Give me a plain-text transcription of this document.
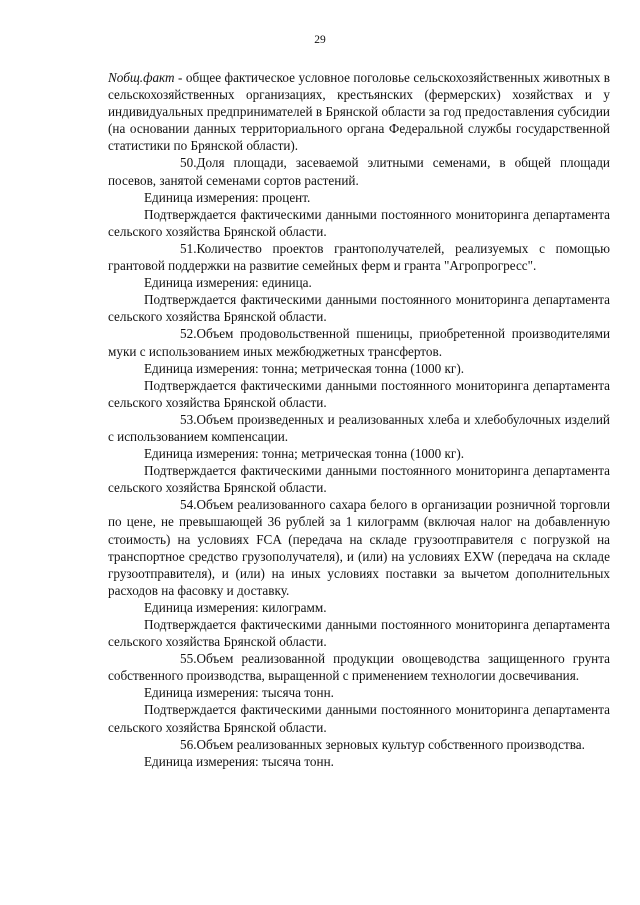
29

Nобщ.факт - общее фактическое условное поголовье сельскохозяйственных животных в сельскохозяйственных организациях, крестьянских (фермерских) хозяйствах и у индивидуальных предпринимателей в Брянской области за год предоставления субсидии (на основании данных территориального органа Федеральной службы государственной статистики по Брянской области).

50.Доля площади, засеваемой элитными семенами, в общей площади посевов, занятой семенами сортов растений.

Единица измерения: процент.

Подтверждается фактическими данными постоянного мониторинга департамента сельского хозяйства Брянской области.

51.Количество проектов грантополучателей, реализуемых с помощью грантовой поддержки на развитие семейных ферм и гранта "Агропрогресс".

Единица измерения: единица.

Подтверждается фактическими данными постоянного мониторинга департамента сельского хозяйства Брянской области.

52.Объем продовольственной пшеницы, приобретенной производителями муки с использованием иных межбюджетных трансфертов.

Единица измерения: тонна; метрическая тонна (1000 кг).

Подтверждается фактическими данными постоянного мониторинга департамента сельского хозяйства Брянской области.

53.Объем произведенных и реализованных хлеба и хлебобулочных изделий с использованием компенсации.

Единица измерения: тонна; метрическая тонна (1000 кг).

Подтверждается фактическими данными постоянного мониторинга департамента сельского хозяйства Брянской области.

54.Объем реализованного сахара белого в организации розничной торговли по цене, не превышающей 36 рублей за 1 килограмм (включая налог на добавленную стоимость) на условиях FCA (передача на складе грузоотправителя с погрузкой на транспортное средство грузополучателя), и (или) на условиях EXW (передача на складе грузоотправителя), и (или) на иных условиях поставки за вычетом дополнительных расходов на фасовку и доставку.

Единица измерения: килограмм.

Подтверждается фактическими данными постоянного мониторинга департамента сельского хозяйства Брянской области.

55.Объем реализованной продукции овощеводства защищенного грунта собственного производства, выращенной с применением технологии досвечивания.

Единица измерения: тысяча тонн.

Подтверждается фактическими данными постоянного мониторинга департамента сельского хозяйства Брянской области.

56.Объем реализованных зерновых культур собственного производства.

Единица измерения: тысяча тонн.
